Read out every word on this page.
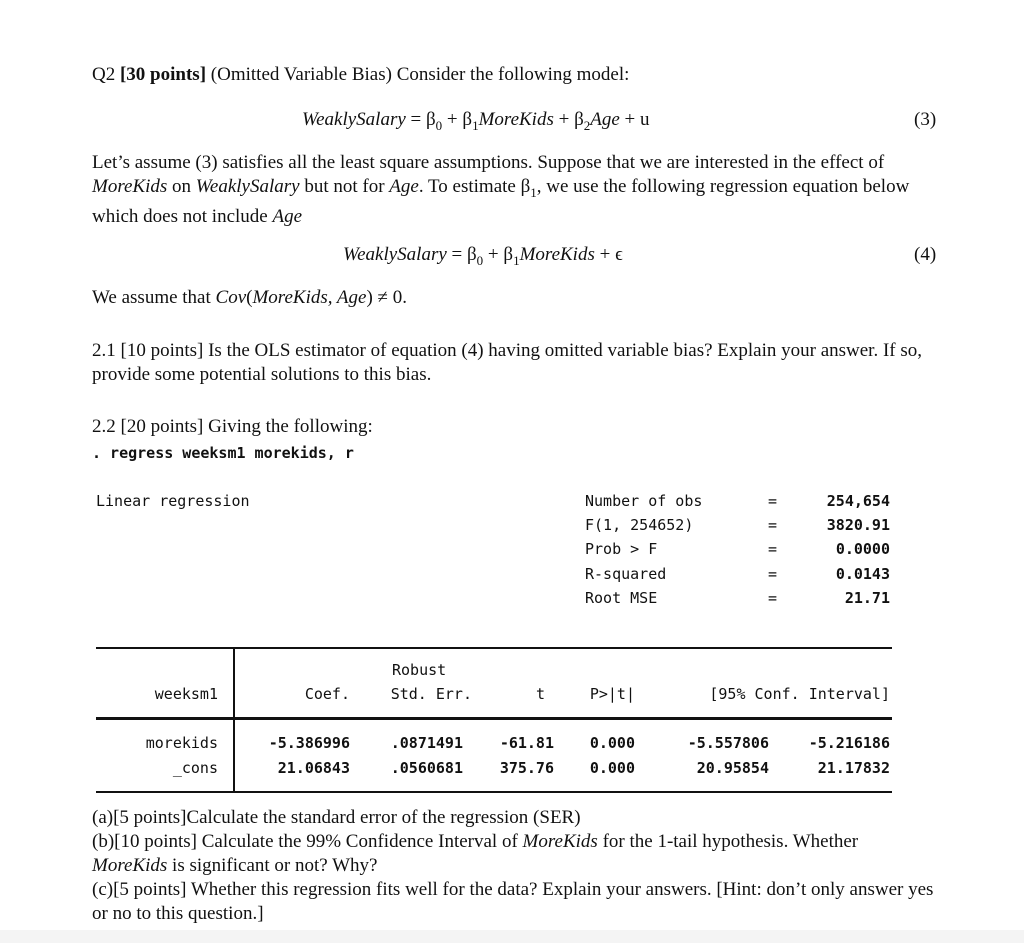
Q2 [30 points] (Omitted Variable Bias) Consider the following model:
WeaklySalary = $\beta_0$ + $\beta_1MoreKids + \beta_2Age + u$	(3)
Let’s assume (3) satisfies all the least square assumptions. Suppose that we are interested in the effect of MoreKids on WeaklySalary but not for Age. To estimate $\beta_1$, we use the following regression equation below which does not include Age
WeaklySalary = $\beta_0$ + $\beta_1MoreKids + \epsilon$	(4)
We assume that Cov(MoreKids, Age) ≠ 0.
2.1 [10 points] Is the OLS estimator of equation (4) having omitted variable bias? Explain your answer. If so, provide some potential solutions to this bias.
2.2 [20 points] Giving the following:
. regress weeksm1 morekids, r
Linear regression	Number of obs	=	254,654
F(1, 254652)	=	3820.91
Prob > F	=	0.0000
R-squared	=	0.0143
Root MSE	=	21.71
Robust
weeksm1	Coef.	Std. Err.	t	P>|t|	[95% Conf. Interval]
morekids	-5.386996	.0871491	-61.81	0.000	-5.557806	-5.216186
_cons	21.06843	.0560681	375.76	0.000	20.95854	21.17832
(a)[5 points]Calculate the standard error of the regression (SER)
(b)[10 points] Calculate the 99% Confidence Interval of MoreKids for the 1-tail hypothesis. Whether MoreKids is significant or not? Why?
(c)[5 points] Whether this regression fits well for the data? Explain your answers. [Hint: don’t only answer yes or no to this question.]
